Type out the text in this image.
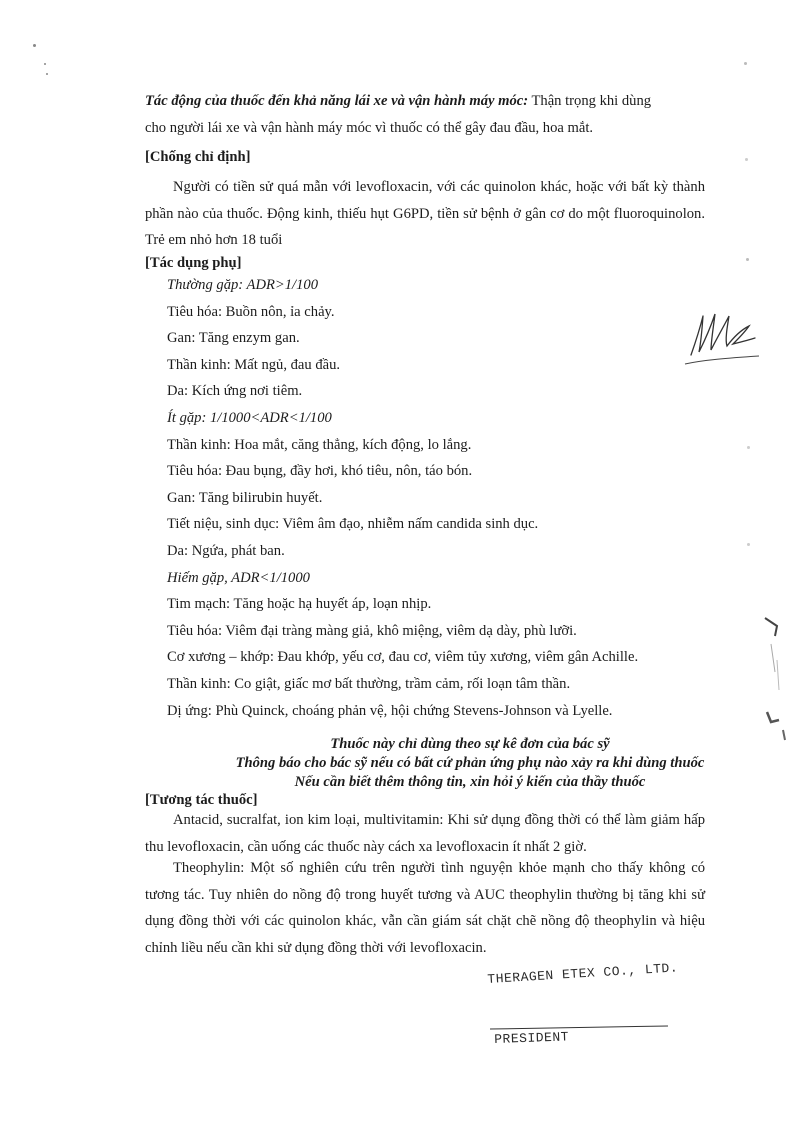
Tác động của thuốc đến khả năng lái xe và vận hành máy móc: Thận trọng khi dùng
cho người lái xe và vận hành máy móc vì thuốc có thể gây đau đầu, hoa mắt.

[Chống chỉ định]

Người có tiền sử quá mẫn với levofloxacin, với các quinolon khác, hoặc với bất kỳ thành phần nào của thuốc. Động kinh, thiếu hụt G6PD, tiền sử bệnh ở gân cơ do một fluoroquinolon. Trẻ em nhỏ hơn 18 tuổi

[Tác dụng phụ]

Thường gặp: ADR>1/100

Tiêu hóa: Buồn nôn, ỉa chảy.

Gan: Tăng enzym gan.

Thần kinh: Mất ngủ, đau đầu.

Da: Kích ứng nơi tiêm.

Ít gặp: 1/1000<ADR<1/100

Thần kinh: Hoa mắt, căng thẳng, kích động, lo lắng.

Tiêu hóa: Đau bụng, đầy hơi, khó tiêu, nôn, táo bón.

Gan: Tăng bilirubin huyết.

Tiết niệu, sinh dục: Viêm âm đạo, nhiễm nấm candida sinh dục.

Da: Ngứa, phát ban.

Hiếm gặp, ADR<1/1000

Tim mạch: Tăng hoặc hạ huyết áp, loạn nhịp.

Tiêu hóa: Viêm đại tràng màng giả, khô miệng, viêm dạ dày, phù lưỡi.

Cơ xương – khớp: Đau khớp, yếu cơ, đau cơ, viêm tủy xương, viêm gân Achille.

Thần kinh: Co giật, giấc mơ bất thường, trầm cảm, rối loạn tâm thần.

Dị ứng: Phù Quinck, choáng phản vệ, hội chứng Stevens-Johnson và Lyelle.

Thuốc này chỉ dùng theo sự kê đơn của bác sỹ
Thông báo cho bác sỹ nếu có bất cứ phản ứng phụ nào xảy ra khi dùng thuốc
Nếu cần biết thêm thông tin, xin hỏi ý kiến của thầy thuốc

[Tương tác thuốc]

Antacid, sucralfat, ion kim loại, multivitamin: Khi sử dụng đồng thời có thể làm giảm hấp thu levofloxacin, cần uống các thuốc này cách xa levofloxacin ít nhất 2 giờ.

Theophylin: Một số nghiên cứu trên người tình nguyện khỏe mạnh cho thấy không có tương tác. Tuy nhiên do nồng độ trong huyết tương và AUC theophylin thường bị tăng khi sử dụng đồng thời với các quinolon khác, vẫn cần giám sát chặt chẽ nồng độ theophylin và hiệu chỉnh liều nếu cần khi sử dụng đồng thời với levofloxacin.

THERAGEN ETEX CO., LTD.
PRESIDENT
